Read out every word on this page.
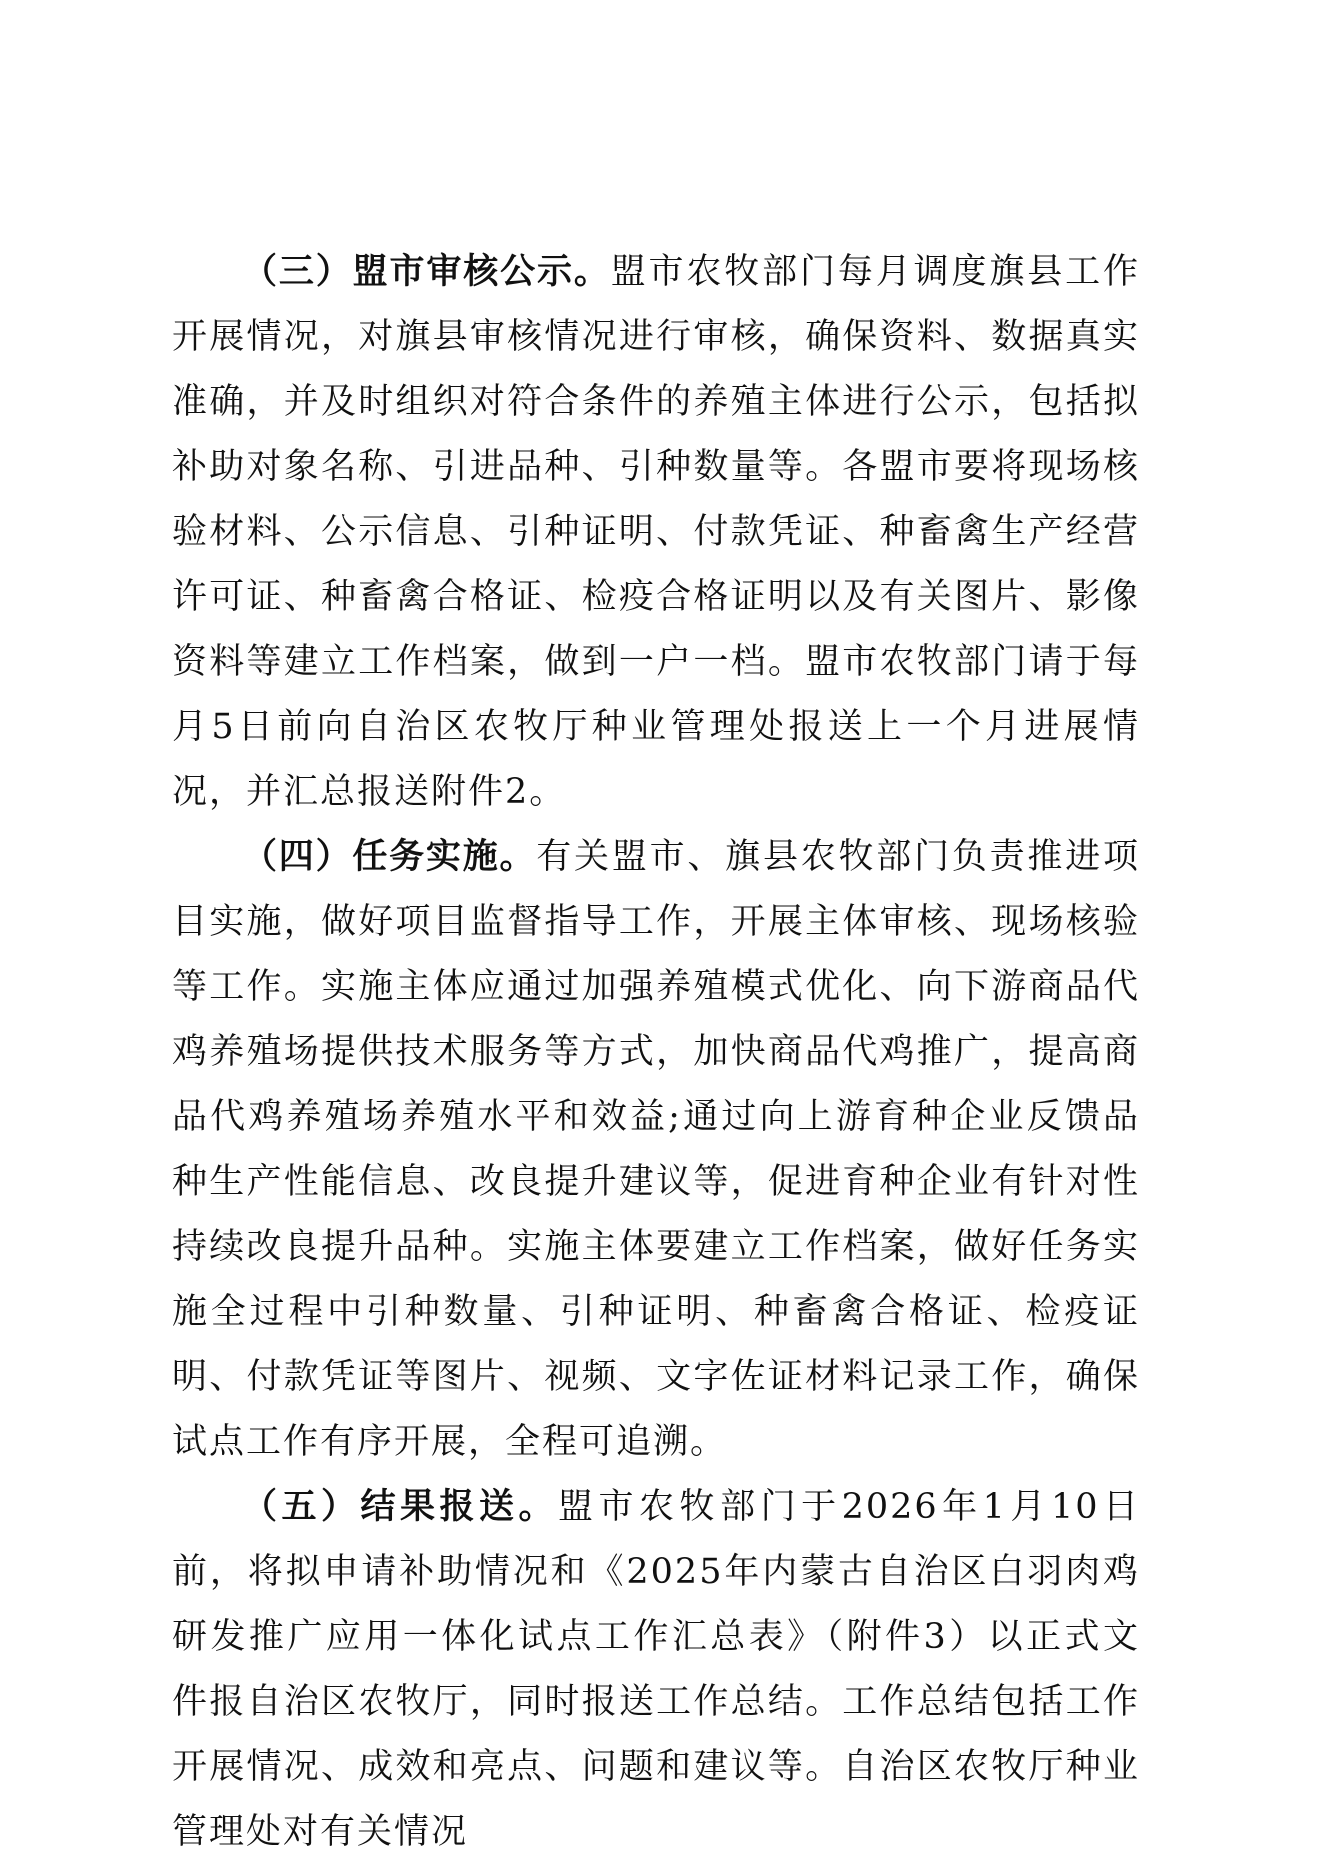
（三）盟市审核公示。盟市农牧部门每月调度旗县工作开展情况，对旗县审核情况进行审核，确保资料、数据真实准确，并及时组织对符合条件的养殖主体进行公示，包括拟补助对象名称、引进品种、引种数量等。各盟市要将现场核验材料、公示信息、引种证明、付款凭证、种畜禽生产经营许可证、种畜禽合格证、检疫合格证明以及有关图片、影像资料等建立工作档案，做到一户一档。盟市农牧部门请于每月5日前向自治区农牧厅种业管理处报送上一个月进展情况，并汇总报送附件2。

（四）任务实施。有关盟市、旗县农牧部门负责推进项目实施，做好项目监督指导工作，开展主体审核、现场核验等工作。实施主体应通过加强养殖模式优化、向下游商品代鸡养殖场提供技术服务等方式，加快商品代鸡推广，提高商品代鸡养殖场养殖水平和效益;通过向上游育种企业反馈品种生产性能信息、改良提升建议等，促进育种企业有针对性持续改良提升品种。实施主体要建立工作档案，做好任务实施全过程中引种数量、引种证明、种畜禽合格证、检疫证明、付款凭证等图片、视频、文字佐证材料记录工作，确保试点工作有序开展，全程可追溯。

（五）结果报送。盟市农牧部门于2026年1月10日前，将拟申请补助情况和《2025年内蒙古自治区白羽肉鸡研发推广应用一体化试点工作汇总表》（附件3）以正式文件报自治区农牧厅，同时报送工作总结。工作总结包括工作开展情况、成效和亮点、问题和建议等。自治区农牧厅种业管理处对有关情况
